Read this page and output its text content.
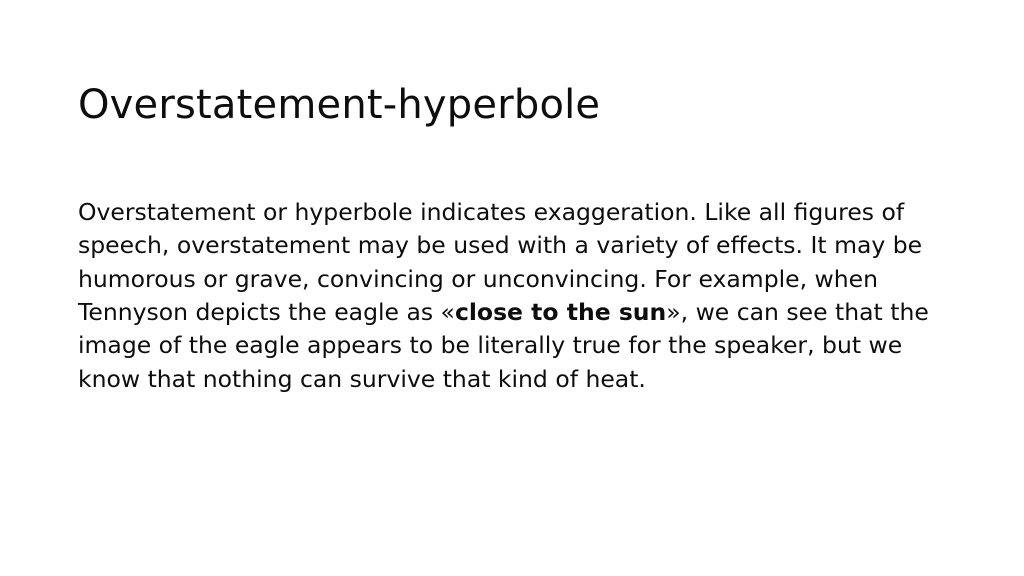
Overstatement-hyperbole
Overstatement or hyperbole indicates exaggeration. Like all figures of speech, overstatement may be used with a variety of effects. It may be humorous or grave, convincing or unconvincing. For example, when Tennyson depicts the eagle as «close to the sun», we can see that the image of the eagle appears to be literally true for the speaker, but we know that nothing can survive that kind of heat.
